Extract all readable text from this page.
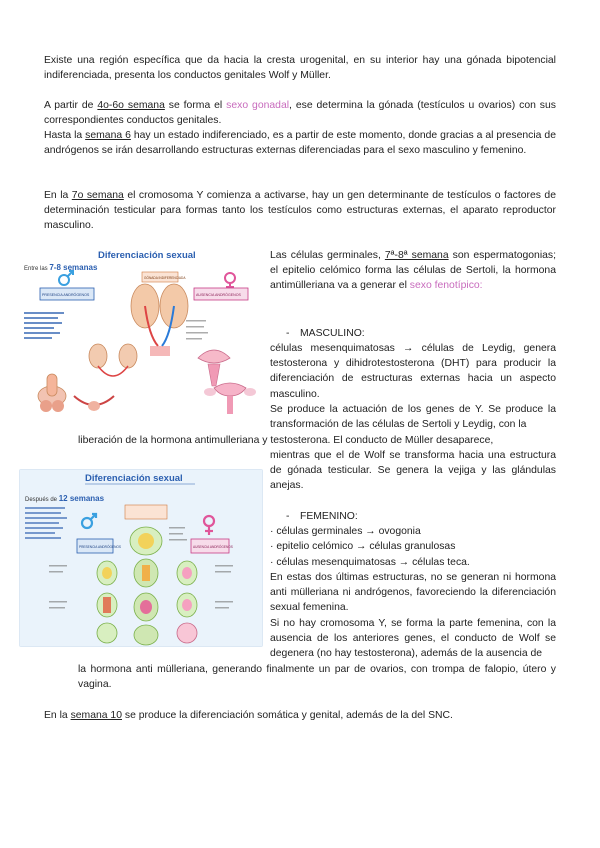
Existe una región específica que da hacia la cresta urogenital, en su interior hay una gónada bipotencial indiferenciada, presenta los conductos genitales Wolf y Müller.
A partir de 4o-6o semana se forma el sexo gonadal, ese determina la gónada (testículos u ovarios) con sus correspondientes conductos genitales.
Hasta la semana 6 hay un estado indiferenciado, es a partir de este momento, donde gracias a al presencia de andrógenos se irán desarrollando estructuras externas diferenciadas para el sexo masculino y femenino.
En la 7o semana el cromosoma Y comienza a activarse, hay un gen determinante de testículos o factores de determinación testicular para formas tanto los testículos como estructuras externas, el aparato reproductor masculino.
Diferenciación sexual
Entre las 7-8 semanas
PRESENCIA ANDRÓGENOS	AUSENCIA ANDRÓGENOS
GÓNADA INDIFERENCIADA
Las células germinales, 7ª-8ª semana son espermatogonias; el epitelio celómico forma las células de Sertoli, la hormona antimülleriana va a generar el sexo fenotípico:
- MASCULINO:
células mesenquimatosas → células de Leydig, genera testosterona y dihidrotestosterona (DHT) para producir la diferenciación de estructuras externas hacia un aspecto masculino.
Se produce la actuación de los genes de Y. Se produce la transformación de las células de Sertoli y Leydig, con la
liberación de la hormona antimulleriana y testosterona. El conducto de Müller desaparece,
Diferenciación sexual
Después de 12 semanas
PRESENCIA ANDRÓGENOS	AUSENCIA ANDRÓGENOS
mientras que el de Wolf se transforma hacia una estructura de gónada testicular. Se genera la vejiga y las glándulas anejas.
- FEMENINO:
· células germinales → ovogonia
· epitelio celómico → células granulosas
· células mesenquimatosas → células teca.
En estas dos últimas estructuras, no se generan ni hormona anti mülleriana ni andrógenos, favoreciendo la diferenciación sexual femenina.
Si no hay cromosoma Y, se forma la parte femenina, con la ausencia de los anteriores genes, el conducto de Wolf se degenera (no hay testosterona), además de la ausencia de
la hormona anti mülleriana, generando finalmente un par de ovarios, con trompa de falopio, útero y vagina.
En la semana 10 se produce la diferenciación somática y genital, además de la del SNC.
